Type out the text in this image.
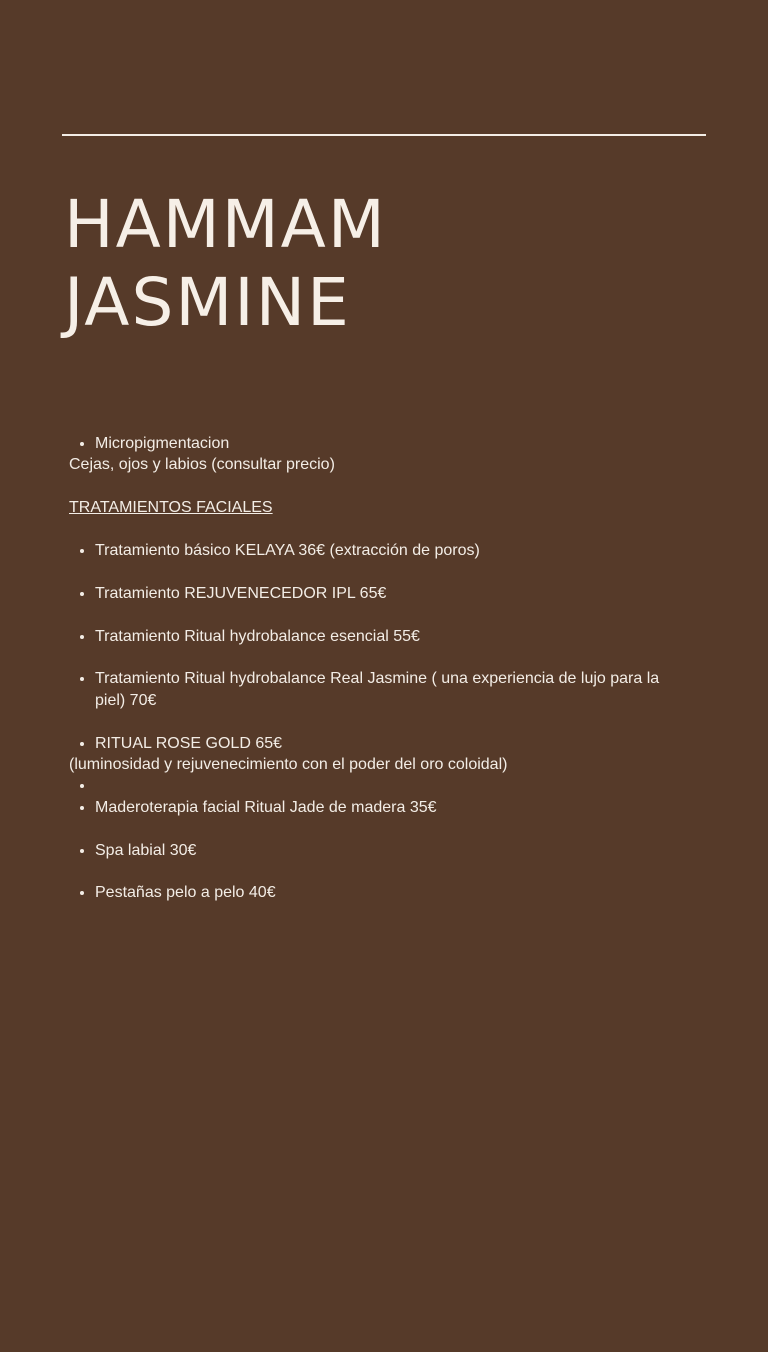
HAMMAM
JASMINE
• Micropigmentacion

Cejas, ojos y labios (consultar precio)

TRATAMIENTOS FACIALES

• Tratamiento básico KELAYA 36€ (extracción de poros)
• Tratamiento REJUVENECEDOR IPL 65€
• Tratamiento Ritual hydrobalance esencial 55€
• Tratamiento Ritual hydrobalance Real Jasmine ( una experiencia de lujo para la piel) 70€
• RITUAL ROSE GOLD 65€

(luminosidad y rejuvenecimiento con el poder del oro coloidal)

•
• Maderoterapia facial Ritual Jade de madera 35€
• Spa labial 30€
• Pestañas pelo a pelo 40€
